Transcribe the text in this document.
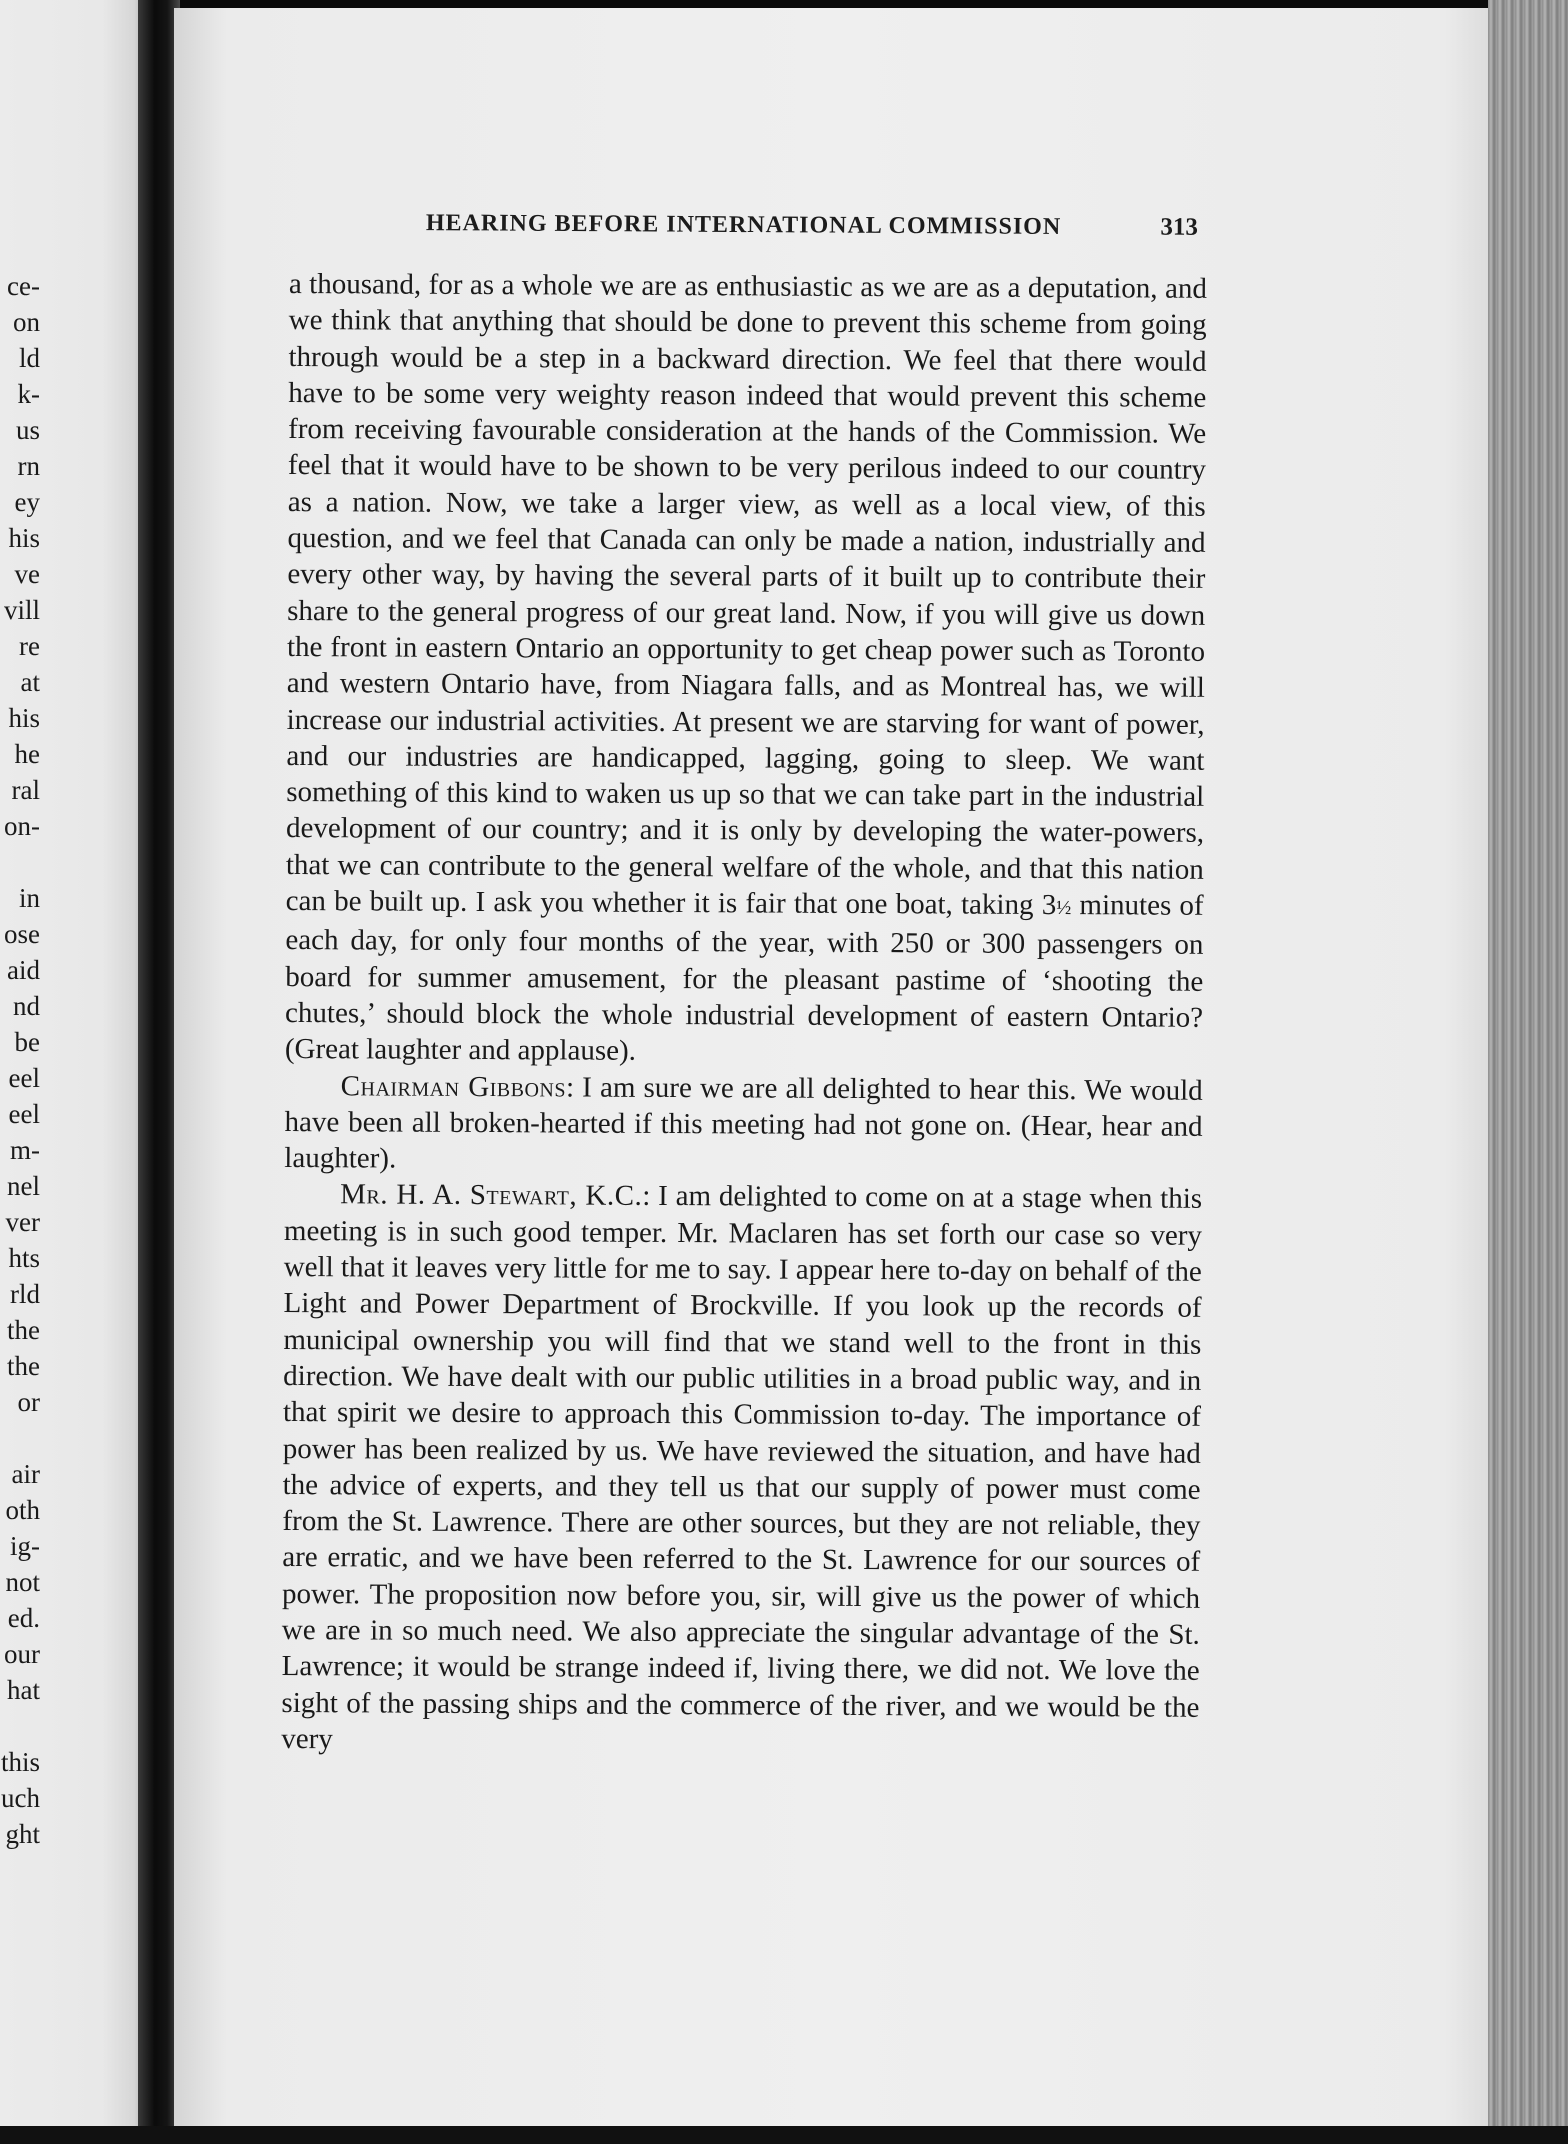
ce-
on
ld
k-
us
rn
ey
his
ve
vill
re
at
his
he
ral
on-
in
ose
aid
nd
be
eel
eel
m-
nel
ver
hts
rld
the
the
or
air
oth
ig-
not
ed.
our
hat
this
uch
ght
HEARING BEFORE INTERNATIONAL COMMISSION	313

a thousand, for as a whole we are as enthusiastic as we are as a deputation, and we think that anything that should be done to prevent this scheme from going through would be a step in a backward direction. We feel that there would have to be some very weighty reason indeed that would prevent this scheme from receiving favourable consideration at the hands of the Commission. We feel that it would have to be shown to be very perilous indeed to our country as a nation. Now, we take a larger view, as well as a local view, of this question, and we feel that Canada can only be made a nation, industrially and every other way, by having the several parts of it built up to contribute their share to the general progress of our great land. Now, if you will give us down the front in eastern Ontario an opportunity to get cheap power such as Toronto and western Ontario have, from Niagara falls, and as Montreal has, we will increase our industrial activities. At present we are starving for want of power, and our industries are handicapped, lagging, going to sleep. We want something of this kind to waken us up so that we can take part in the industrial development of our country; and it is only by developing the water-powers, that we can contribute to the general welfare of the whole, and that this nation can be built up. I ask you whether it is fair that one boat, taking 3½ minutes of each day, for only four months of the year, with 250 or 300 passengers on board for summer amusement, for the pleasant pastime of ‘shooting the chutes,’ should block the whole industrial development of eastern Ontario? (Great laughter and applause).

Chairman Gibbons: I am sure we are all delighted to hear this. We would have been all broken-hearted if this meeting had not gone on. (Hear, hear and laughter).

Mr. H. A. Stewart, K.C.: I am delighted to come on at a stage when this meeting is in such good temper. Mr. Maclaren has set forth our case so very well that it leaves very little for me to say. I appear here to-day on behalf of the Light and Power Department of Brockville. If you look up the records of municipal ownership you will find that we stand well to the front in this direction. We have dealt with our public utilities in a broad public way, and in that spirit we desire to approach this Commission to-day. The importance of power has been realized by us. We have reviewed the situation, and have had the advice of experts, and they tell us that our supply of power must come from the St. Lawrence. There are other sources, but they are not reliable, they are erratic, and we have been referred to the St. Lawrence for our sources of power. The proposition now before you, sir, will give us the power of which we are in so much need. We also appreciate the singular advantage of the St. Lawrence; it would be strange indeed if, living there, we did not. We love the sight of the passing ships and the commerce of the river, and we would be the very
